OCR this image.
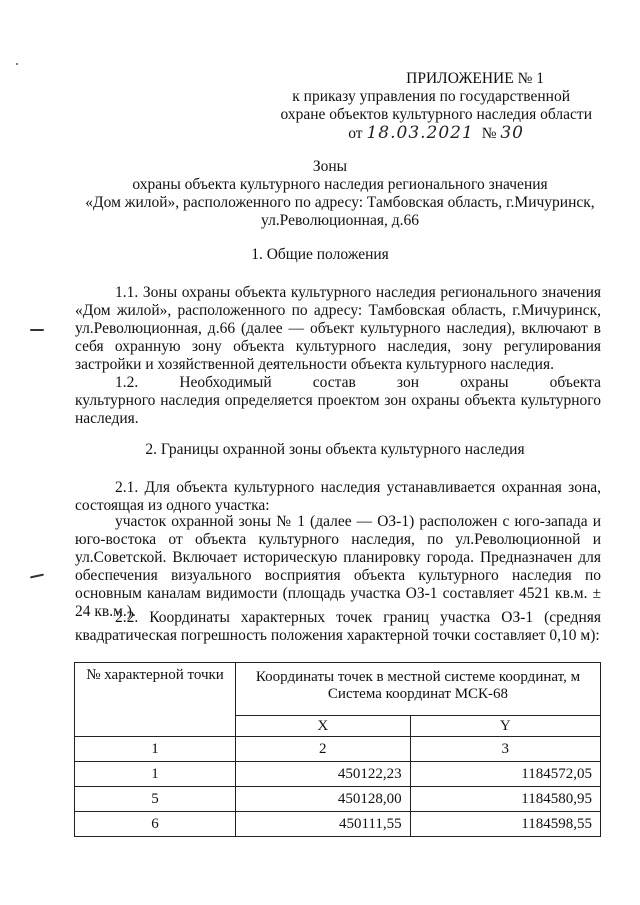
ПРИЛОЖЕНИЕ № 1
к приказу управления по государственной
охране объектов культурного наследия области
от 18.03.2021 № 30
Зоны
охраны объекта культурного наследия регионального значения
«Дом жилой», расположенного по адресу: Тамбовская область, г.Мичуринск,
ул.Революционная, д.66
1. Общие положения
1.1. Зоны охраны объекта культурного наследия регионального значения
«Дом жилой», расположенного по адресу: Тамбовская область, г.Мичуринск,
ул.Революционная, д.66 (далее — объект культурного наследия), включают в
себя охранную зону объекта культурного наследия, зону регулирования
застройки и хозяйственной деятельности объекта культурного наследия.
1.2.      Необходимый      состав      зон      охраны      объекта
культурного наследия определяется проектом зон охраны объекта культурного
наследия.
2. Границы охранной зоны объекта культурного наследия
2.1. Для объекта культурного наследия устанавливается охранная зона,
состоящая из одного участка:
участок охранной зоны № 1 (далее — ОЗ-1) расположен с юго-запада и
юго-востока от объекта культурного наследия, по ул.Революционной и
ул.Советской. Включает историческую планировку города. Предназначен для
обеспечения визуального восприятия объекта культурного наследия по
основным каналам видимости (площадь участка ОЗ-1 составляет 4521 кв.м. ±
24 кв.м.).
2.2. Координаты характерных точек границ участка ОЗ-1 (средняя
квадратическая погрешность положения характерной точки составляет 0,10 м):
№ характерной точки	Координаты точек в местной системе координат, м
Система координат МСК-68	
	X	Y
1	2	3
1	450122,23	1184572,05
5	450128,00	1184580,95
6	450111,55	1184598,55
